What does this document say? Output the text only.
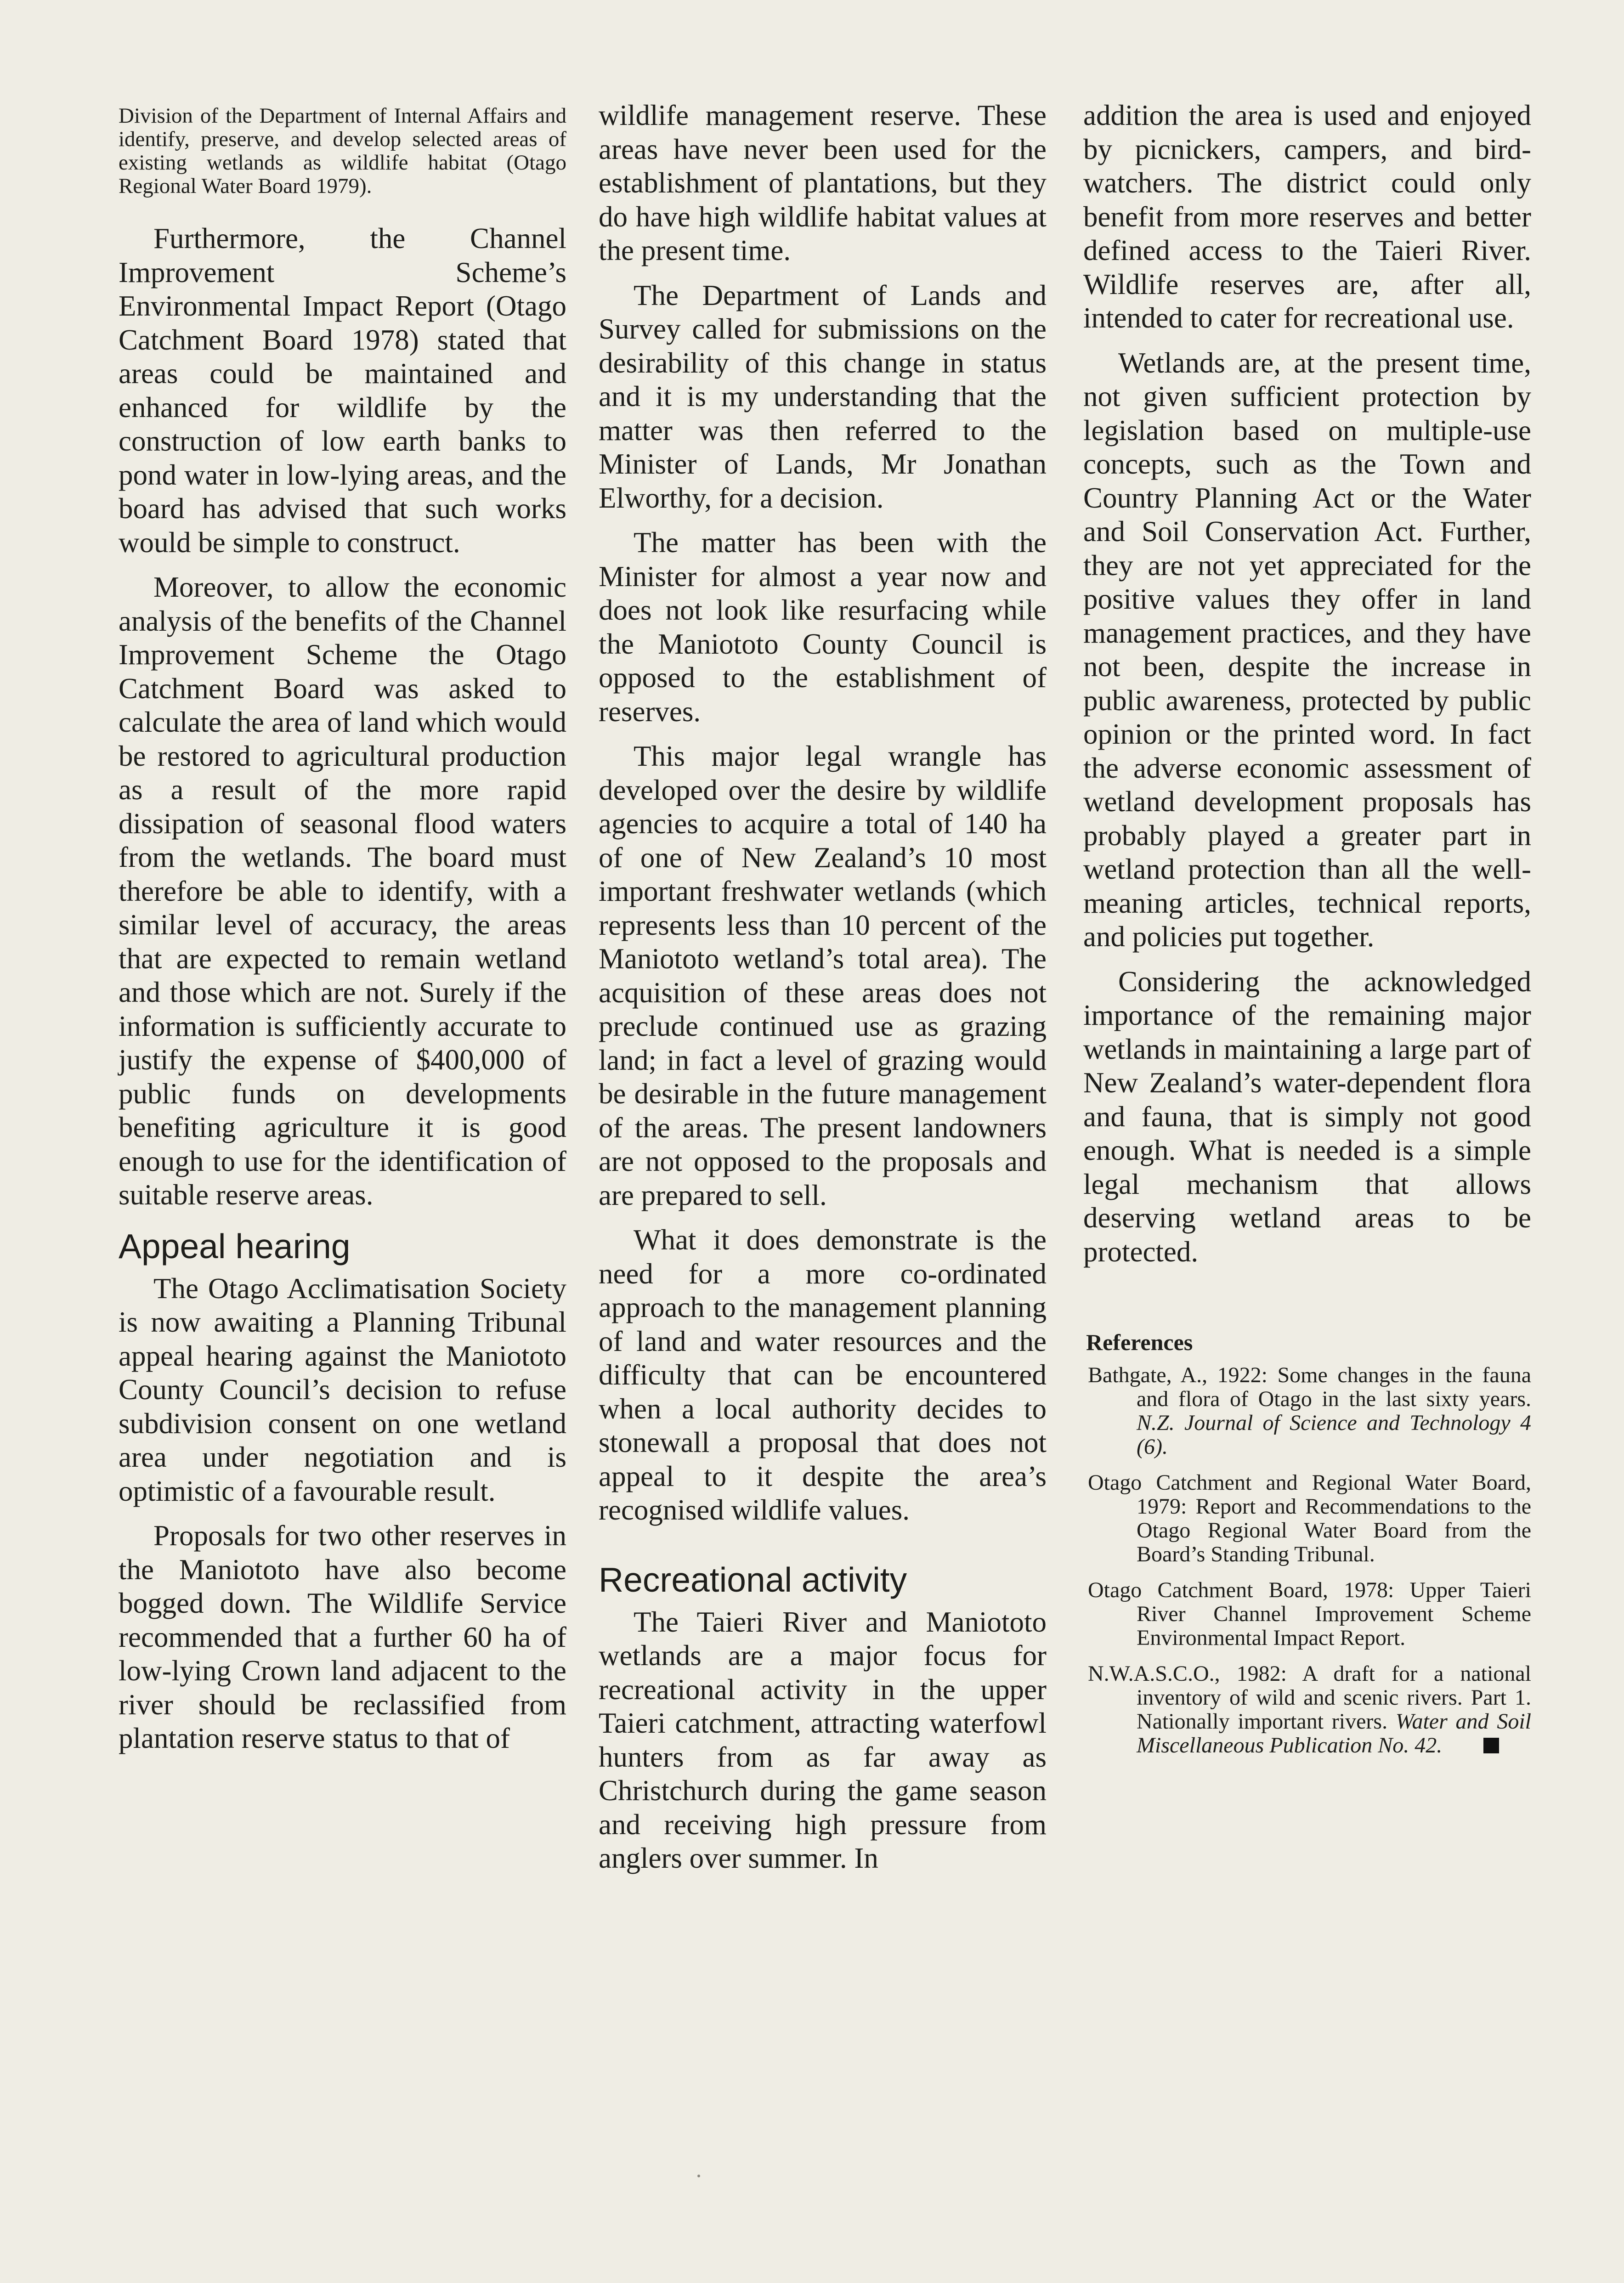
Division of the Department of Internal Affairs and identify, preserve, and develop selected areas of existing wetlands as wildlife habitat (Otago Regional Water Board 1979).

Furthermore, the Channel Improvement Scheme’s Environmental Impact Report (Otago Catchment Board 1978) stated that areas could be maintained and enhanced for wildlife by the construction of low earth banks to pond water in low-lying areas, and the board has advised that such works would be simple to construct.

Moreover, to allow the economic analysis of the benefits of the Channel Improvement Scheme the Otago Catchment Board was asked to calculate the area of land which would be restored to agricultural production as a result of the more rapid dissipation of seasonal flood waters from the wetlands. The board must therefore be able to identify, with a similar level of accuracy, the areas that are expected to remain wetland and those which are not. Surely if the information is sufficiently accurate to justify the expense of $400,000 of public funds on developments benefiting agriculture it is good enough to use for the identification of suitable reserve areas.

Appeal hearing

The Otago Acclimatisation Society is now awaiting a Planning Tribunal appeal hearing against the Maniototo County Council’s decision to refuse subdivision consent on one wetland area under negotiation and is optimistic of a favourable result.

Proposals for two other reserves in the Maniototo have also become bogged down. The Wildlife Service recommended that a further 60 ha of low-lying Crown land adjacent to the river should be reclassified from plantation reserve status to that of

wildlife management reserve. These areas have never been used for the establishment of plantations, but they do have high wildlife habitat values at the present time.

The Department of Lands and Survey called for submissions on the desirability of this change in status and it is my understanding that the matter was then referred to the Minister of Lands, Mr Jonathan Elworthy, for a decision.

The matter has been with the Minister for almost a year now and does not look like resurfacing while the Maniototo County Council is opposed to the establishment of reserves.

This major legal wrangle has developed over the desire by wildlife agencies to acquire a total of 140 ha of one of New Zealand’s 10 most important freshwater wetlands (which represents less than 10 percent of the Maniototo wetland’s total area). The acquisition of these areas does not preclude continued use as grazing land; in fact a level of grazing would be desirable in the future management of the areas. The present landowners are not opposed to the proposals and are prepared to sell.

What it does demonstrate is the need for a more co-ordinated approach to the management planning of land and water resources and the difficulty that can be encountered when a local authority decides to stonewall a proposal that does not appeal to it despite the area’s recognised wildlife values.

Recreational activity

The Taieri River and Maniototo wetlands are a major focus for recreational activity in the upper Taieri catchment, attracting waterfowl hunters from as far away as Christchurch during the game season and receiving high pressure from anglers over summer. In

addition the area is used and enjoyed by picnickers, campers, and bird-watchers. The district could only benefit from more reserves and better defined access to the Taieri River. Wildlife reserves are, after all, intended to cater for recreational use.

Wetlands are, at the present time, not given sufficient protection by legislation based on multiple-use concepts, such as the Town and Country Planning Act or the Water and Soil Conservation Act. Further, they are not yet appreciated for the positive values they offer in land management practices, and they have not been, despite the increase in public awareness, protected by public opinion or the printed word. In fact the adverse economic assessment of wetland development proposals has probably played a greater part in wetland protection than all the well-meaning articles, technical reports, and policies put together.

Considering the acknowledged importance of the remaining major wetlands in maintaining a large part of New Zealand’s water-dependent flora and fauna, that is simply not good enough. What is needed is a simple legal mechanism that allows deserving wetland areas to be protected.

References

Bathgate, A., 1922: Some changes in the fauna and flora of Otago in the last sixty years. N.Z. Journal of Science and Technology 4 (6).

Otago Catchment and Regional Water Board, 1979: Report and Recommendations to the Otago Regional Water Board from the Board’s Standing Tribunal.

Otago Catchment Board, 1978: Upper Taieri River Channel Improvement Scheme Environmental Impact Report.

N.W.A.S.C.O., 1982: A draft for a national inventory of wild and scenic rivers. Part 1. Nationally important rivers. Water and Soil Miscellaneous Publication No. 42.
